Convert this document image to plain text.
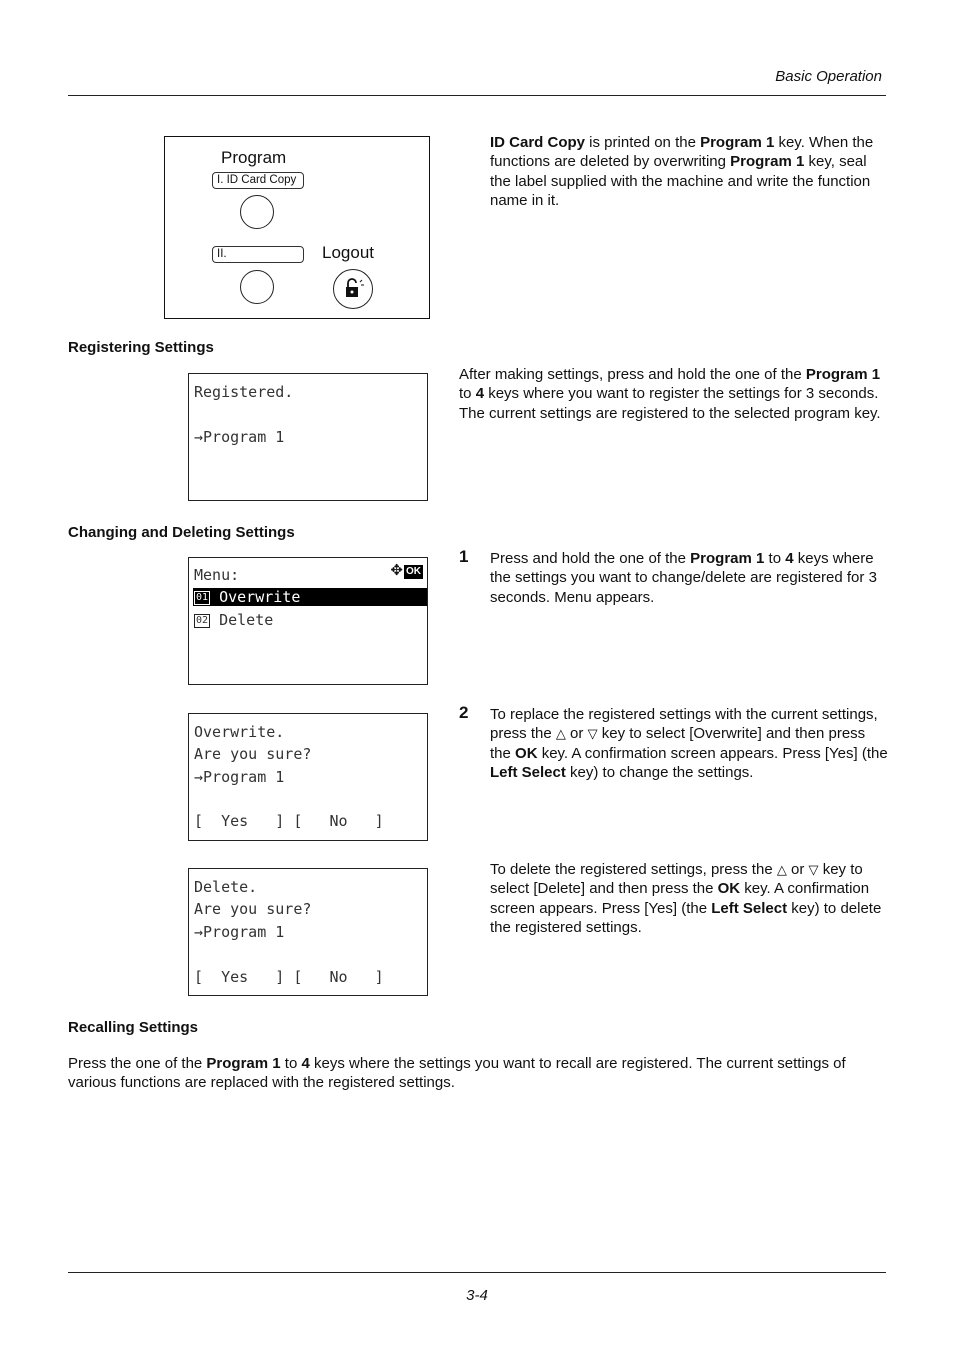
Basic Operation
Program
I. ID Card Copy
II.	Logout
ID Card Copy is printed on the Program 1 key. When the functions are deleted by overwriting Program 1 key, seal the label supplied with the machine and write the function name in it.
Registering Settings
Registered.
→Program 1
After making settings, press and hold the one of the Program 1 to 4 keys where you want to register the settings for 3 seconds. The current settings are registered to the selected program key.
Changing and Deleting Settings
Menu:	✥ OK
01 Overwrite
02 Delete
1 Press and hold the one of the Program 1 to 4 keys where the settings you want to change/delete are registered for 3 seconds. Menu appears.
Overwrite.
Are you sure?
→Program 1
[  Yes   ] [   No   ]
2 To replace the registered settings with the current settings, press the △ or ▽ key to select [Overwrite] and then press the OK key. A confirmation screen appears. Press [Yes] (the Left Select key) to change the settings.
Delete.
Are you sure?
→Program 1
[  Yes   ] [   No   ]
To delete the registered settings, press the △ or ▽ key to select [Delete] and then press the OK key. A confirmation screen appears. Press [Yes] (the Left Select key) to delete the registered settings.
Recalling Settings
Press the one of the Program 1 to 4 keys where the settings you want to recall are registered. The current settings of various functions are replaced with the registered settings.
3-4
